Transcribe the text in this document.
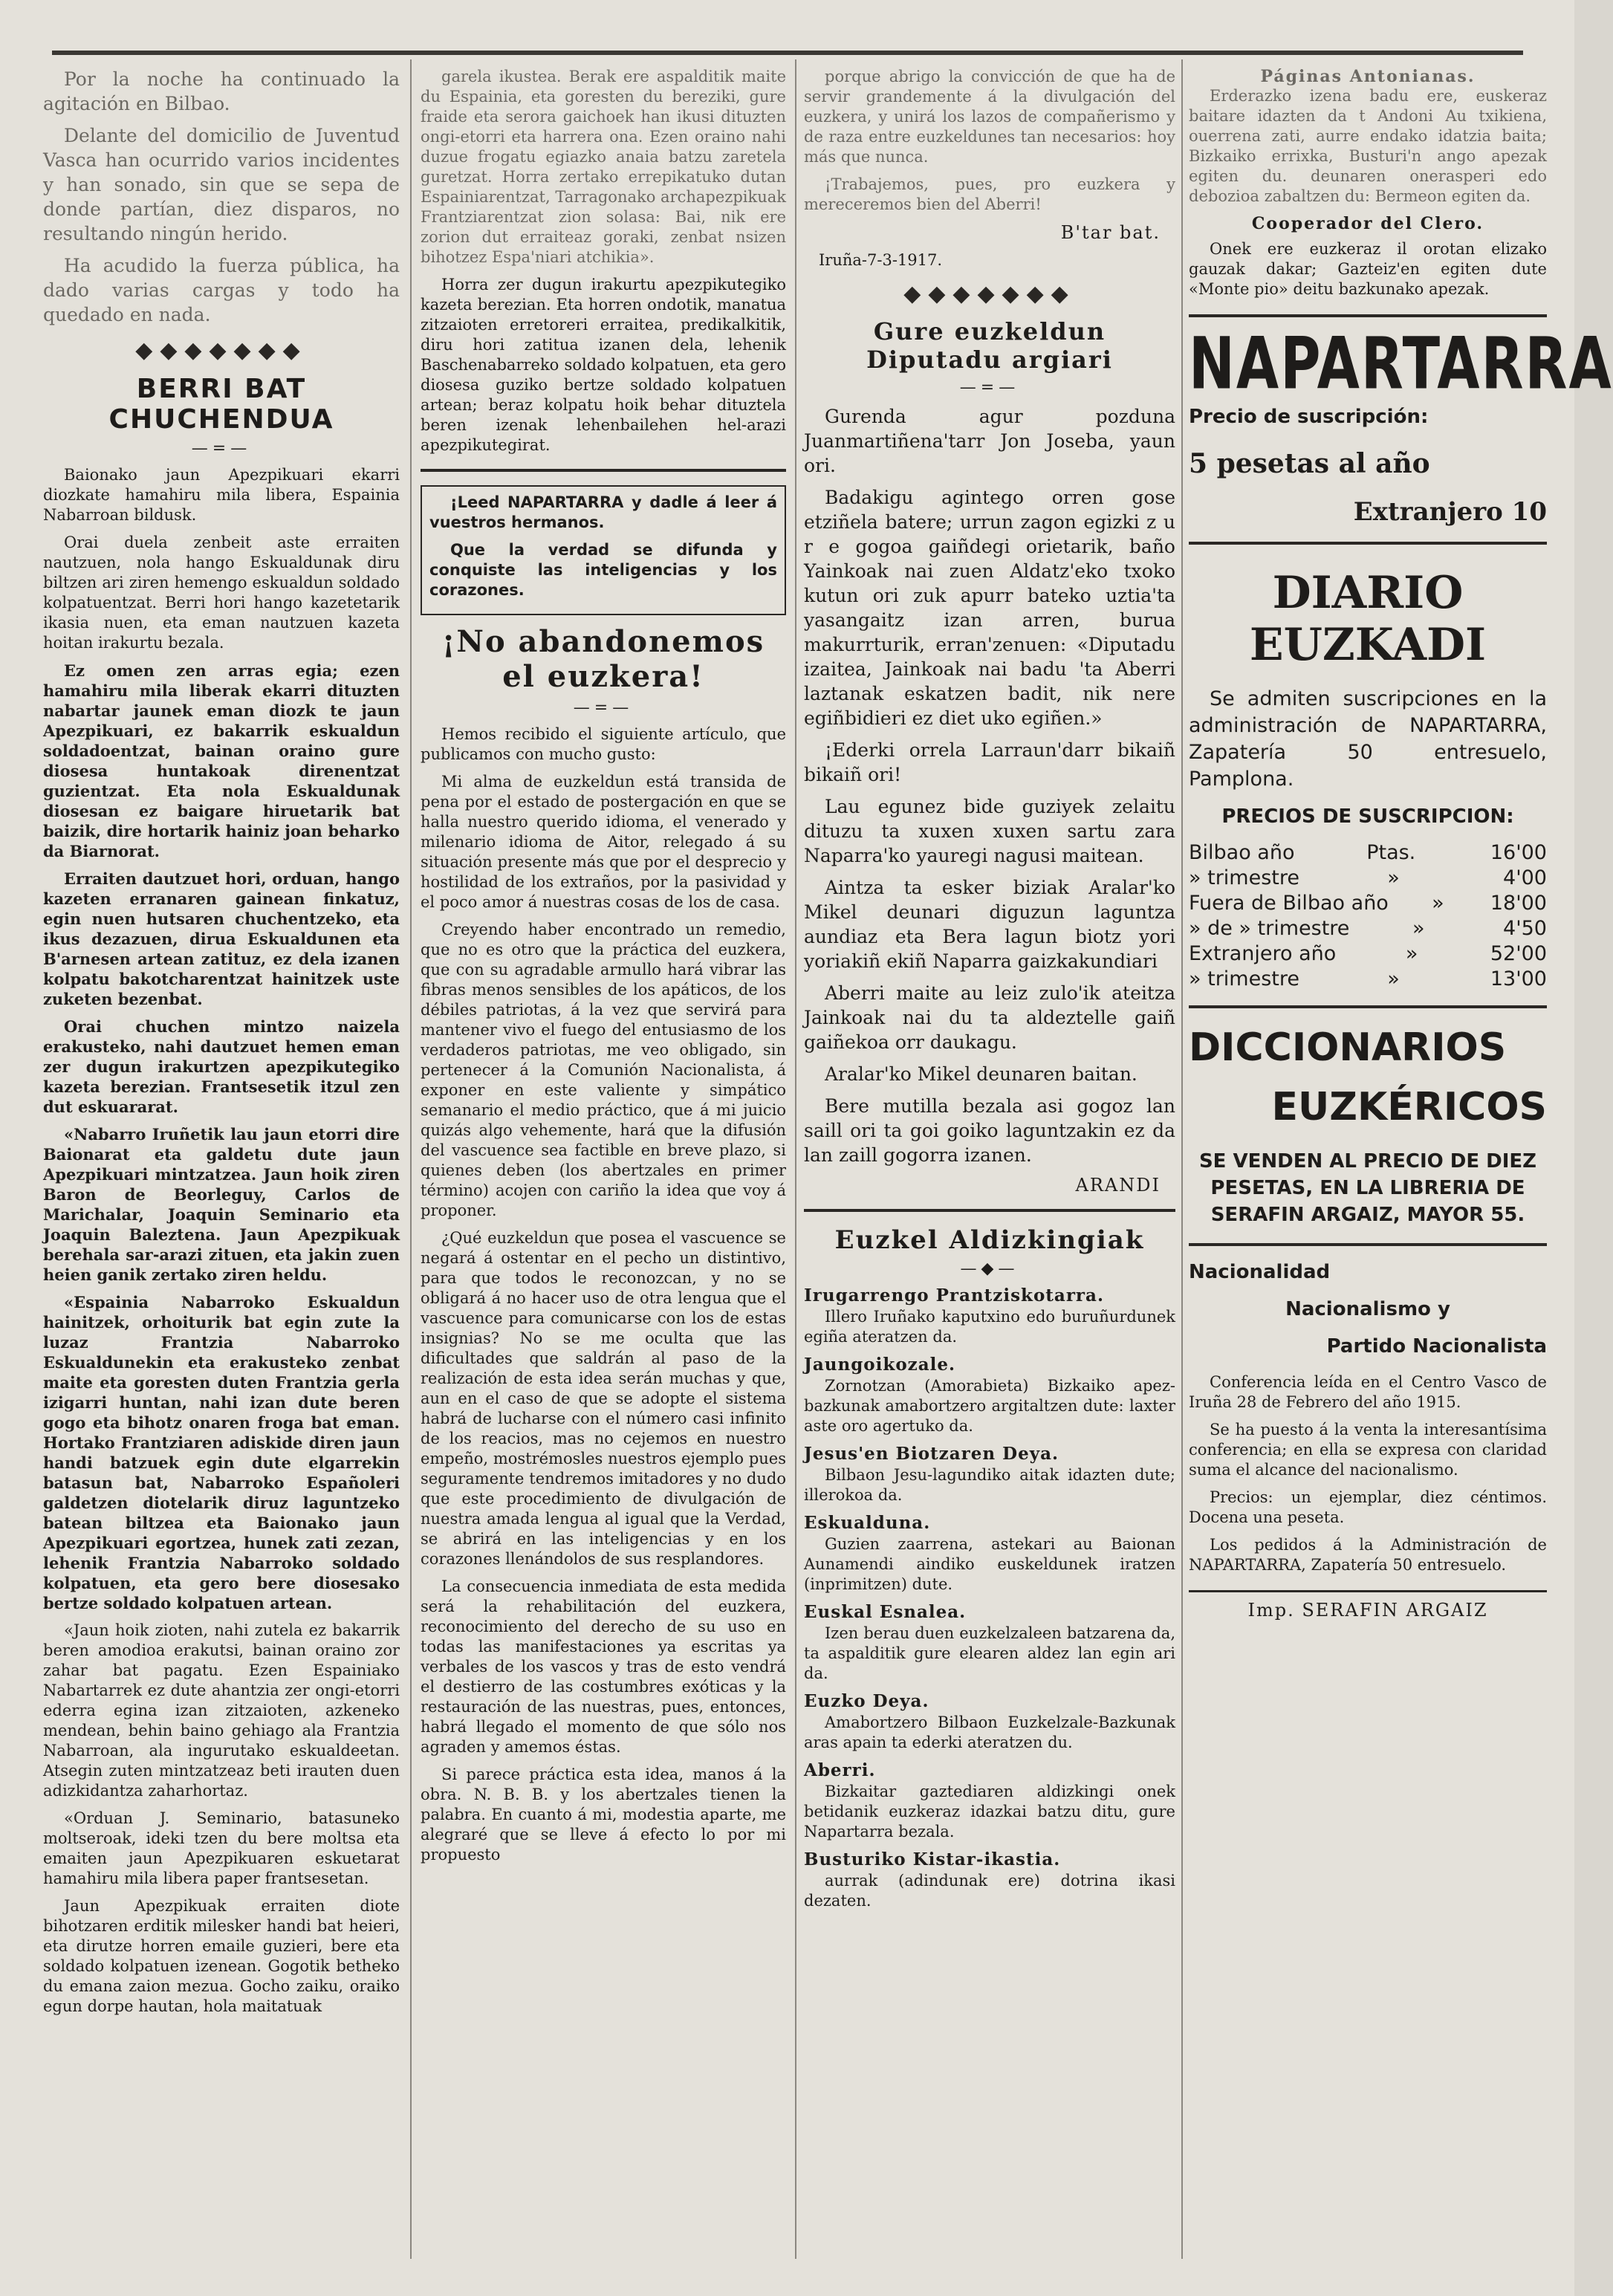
Por la noche ha continuado la agitación en Bilbao.

Delante del domicilio de Juventud Vasca han ocurrido varios incidentes y han sonado, sin que se sepa de donde partían, diez disparos, no resultando ningún herido.

Ha acudido la fuerza pública, ha dado varias cargas y todo ha quedado en nada.

◆◆◆◆◆◆◆
BERRI BAT CHUCHENDUA
—=—

Baionako jaun Apezpikuari ekarri diozkate hamahiru mila libera, Espainia Nabarroan bildusk.

Orai duela zenbeit aste erraiten nautzuen, nola hango Eskualdunak diru biltzen ari ziren hemengo eskualdun soldado kolpatuentzat. Berri hori hango kazetetarik ikasia nuen, eta eman nautzuen kazeta hoitan irakurtu bezala.

Ez omen zen arras egia; ezen hamahiru mila liberak ekarri dituzten nabartar jaunek eman diozk te jaun Apezpikuari, ez bakarrik eskualdun soldadoentzat, bainan oraino gure diosesa huntakoak direnentzat guzientzat. Eta nola Eskualdunak diosesan ez baigare hiruetarik bat baizik, dire hortarik hainiz joan beharko da Biarnorat.

Erraiten dautzuet hori, orduan, hango kazeten erranaren gainean finkatuz, egin nuen hutsaren chuchentzeko, eta ikus dezazuen, dirua Eskualdunen eta B'arnesen artean zatituz, ez dela izanen kolpatu bakotcharentzat hainitzek uste zuketen bezenbat.

Orai chuchen mintzo naizela erakusteko, nahi dautzuet hemen eman zer dugun irakurtzen apezpikutegiko kazeta berezian. Frantsesetik itzul zen dut eskuararat.

«Nabarro Iruñetik lau jaun etorri dire Baionarat eta galdetu dute jaun Apezpikuari mintzatzea. Jaun hoik ziren Baron de Beorleguy, Carlos de Marichalar, Joaquin Seminario eta Joaquin Baleztena. Jaun Apezpikuak berehala sar-arazi zituen, eta jakin zuen heien ganik zertako ziren heldu.

«Espainia Nabarroko Eskualdun hainitzek, orhoiturik bat egin zute la luzaz Frantzia Nabarroko Eskualdunekin eta erakusteko zenbat maite eta goresten duten Frantzia gerla izigarri huntan, nahi izan dute beren gogo eta bihotz onaren froga bat eman. Hortako Frantziaren adiskide diren jaun handi batzuek egin dute elgarrekin batasun bat, Nabarroko Españoleri galdetzen diotelarik diruz laguntzeko batean biltzea eta Baionako jaun Apezpikuari egortzea, hunek zati zezan, lehenik Frantzia Nabarroko soldado kolpatuen, eta gero bere diosesako bertze soldado kolpatuen artean.

«Jaun hoik zioten, nahi zutela ez bakarrik beren amodioa erakutsi, bainan oraino zor zahar bat pagatu. Ezen Espainiako Nabartarrek ez dute ahantzia zer ongi-etorri ederra egina izan zitzaioten, azkeneko mendean, behin baino gehiago ala Frantzia Nabarroan, ala ingurutako eskualdeetan. Atsegin zuten mintzatzeaz beti irauten duen adizkidantza zaharhortaz.

«Orduan J. Seminario, batasuneko moltseroak, ideki tzen du bere moltsa eta emaiten jaun Apezpikuaren eskuetarat hamahiru mila libera paper frantsesetan.

Jaun Apezpikuak erraiten diote bihotzaren erditik milesker handi bat heieri, eta dirutze horren emaile guzieri, bere eta soldado kolpatuen izenean. Gogotik betheko du emana zaion mezua. Gocho zaiku, oraiko egun dorpe hautan, hola maitatuak

garela ikustea. Berak ere aspalditik maite du Espainia, eta goresten du bereziki, gure fraide eta serora gaichoek han ikusi dituzten ongi-etorri eta harrera ona. Ezen oraino nahi duzue frogatu egiazko anaia batzu zaretela guretzat. Horra zertako errepikatuko dutan Espainiarentzat, Tarragonako archapezpikuak Frantziarentzat zion solasa: Bai, nik ere zorion dut erraiteaz goraki, zenbat nsizen bihotzez Espa'niari atchikia».

Horra zer dugun irakurtu apezpikutegiko kazeta berezian. Eta horren ondotik, manatua zitzaioten erretoreri erraitea, predikalkitik, diru hori zatitua izanen dela, lehenik Baschenabarreko soldado kolpatuen, eta gero diosesa guziko bertze soldado kolpatuen artean; beraz kolpatu hoik behar dituztela beren izenak lehenbailehen hel-arazi apezpikutegirat.

¡Leed NAPARTARRA y dadle á leer á vuestros hermanos.

Que la verdad se difunda y conquiste las inteligencias y los corazones.

¡No abandonemos el euzkera!
—=—

Hemos recibido el siguiente artículo, que publicamos con mucho gusto:

Mi alma de euzkeldun está transida de pena por el estado de postergación en que se halla nuestro querido idioma, el venerado y milenario idioma de Aitor, relegado á su situación presente más que por el desprecio y hostilidad de los extraños, por la pasividad y el poco amor á nuestras cosas de los de casa.

Creyendo haber encontrado un remedio, que no es otro que la práctica del euzkera, que con su agradable armullo hará vibrar las fibras menos sensibles de los apáticos, de los débiles patriotas, á la vez que servirá para mantener vivo el fuego del entusiasmo de los verdaderos patriotas, me veo obligado, sin pertenecer á la Comunión Nacionalista, á exponer en este valiente y simpático semanario el medio práctico, que á mi juicio quizás algo vehemente, hará que la difusión del vascuence sea factible en breve plazo, si quienes deben (los abertzales en primer término) acojen con cariño la idea que voy á proponer.

¿Qué euzkeldun que posea el vascuence se negará á ostentar en el pecho un distintivo, para que todos le reconozcan, y no se obligará á no hacer uso de otra lengua que el vascuence para comunicarse con los de estas insignias? No se me oculta que las dificultades que saldrán al paso de la realización de esta idea serán muchas y que, aun en el caso de que se adopte el sistema habrá de lucharse con el número casi infinito de los reacios, mas no cejemos en nuestro empeño, mostrémosles nuestros ejemplo pues seguramente tendremos imitadores y no dudo que este procedimiento de divulgación de nuestra amada lengua al igual que la Verdad, se abrirá en las inteligencias y en los corazones llenándolos de sus resplandores.

La consecuencia inmediata de esta medida será la rehabilitación del euzkera, reconocimiento del derecho de su uso en todas las manifestaciones ya escritas ya verbales de los vascos y tras de esto vendrá el destierro de las costumbres exóticas y la restauración de las nuestras, pues, entonces, habrá llegado el momento de que sólo nos agraden y amemos éstas.

Si parece práctica esta idea, manos á la obra. N. B. B. y los abertzales tienen la palabra. En cuanto á mi, modestia aparte, me alegraré que se lleve á efecto lo por mi propuesto

porque abrigo la convicción de que ha de servir grandemente á la divulgación del euzkera, y unirá los lazos de compañerismo y de raza entre euzkeldunes tan necesarios: hoy más que nunca.

¡Trabajemos, pues, pro euzkera y mereceremos bien del Aberri!

B'tar bat.

Iruña-7-3-1917.

◆◆◆◆◆◆◆
Gure euzkeldun Diputadu argiari
—=—

Gurenda agur pozduna Juanmartiñena'tarr Jon Joseba, yaun ori.

Badakigu agintego orren gose etziñela batere; urrun zagon egizki z u r e gogoa gaiñdegi orietarik, baño Yainkoak nai zuen Aldatz'eko txoko kutun ori zuk apurr bateko uztia'ta yasangaitz izan arren, burua makurrturik, erran'zenuen: «Diputadu izaitea, Jainkoak nai badu 'ta Aberri laztanak eskatzen badit, nik nere egiñbidieri ez diet uko egiñen.»

¡Ederki orrela Larraun'darr bikaiñ bikaiñ ori!

Lau egunez bide guziyek zelaitu dituzu ta xuxen xuxen sartu zara Naparra'ko yauregi nagusi maitean.

Aintza ta esker biziak Aralar'ko Mikel deunari diguzun laguntza aundiaz eta Bera lagun biotz yori yoriakiñ ekiñ Naparra gaizkakundiari

Aberri maite au leiz zulo'ik ateitza Jainkoak nai du ta aldeztelle gaiñ gaiñekoa orr daukagu.

Aralar'ko Mikel deunaren baitan.

Bere mutilla bezala asi gogoz lan saill ori ta goi goiko laguntzakin ez da lan zaill gogorra izanen.

ARANDI
Euzkel Aldizkingiak
—◆—
Irugarrengo Prantziskotarra.

Illero Iruñako kaputxino edo buruñurdunek egiña ateratzen da.

Jaungoikozale.

Zornotzan (Amorabieta) Bizkaiko apez-bazkunak amabortzero argitaltzen dute: laxter aste oro agertuko da.

Jesus'en Biotzaren Deya.

Bilbaon Jesu-lagundiko aitak idazten dute; illerokoa da.

Eskualduna.

Guzien zaarrena, astekari au Baionan Aunamendi aindiko euskeldunek iratzen (inprimitzen) dute.

Euskal Esnalea.

Izen berau duen euzkelzaleen batzarena da, ta aspalditik gure elearen aldez lan egin ari da.

Euzko Deya.

Amabortzero Bilbaon Euzkelzale-Bazkunak aras apain ta ederki ateratzen du.

Aberri.

Bizkaitar gaztediaren aldizkingi onek betidanik euzkeraz idazkai batzu ditu, gure Napartarra bezala.

Busturiko Kistar-ikastia.

aurrak (adindunak ere) dotrina ikasi dezaten.

Páginas Antonianas.

Erderazko izena badu ere, euskeraz baitare idazten da t Andoni Au txikiena, ouerrena zati, aurre endako idatzia baita; Bizkaiko errixka, Busturi'n ango apezak egiten du. deunaren onerasperi edo debozioa zabaltzen du: Bermeon egiten da.

Cooperador del Clero.

Onek ere euzkeraz il orotan elizako gauzak dakar; Gazteiz'en egiten dute «Monte pio» deitu bazkunako apezak.

NAPARTARRA
Precio de suscripción:
5 pesetas al año
Extranjero 10
DIARIO EUZKADI

Se admiten suscripciones en la administración de NAPARTARRA, Zapatería 50 entresuelo, Pamplona.

PRECIOS DE SUSCRIPCION:
Bilbao año	Ptas.	16'00
» trimestre	»	4'00
Fuera de Bilbao año » 18'00
» de » trimestre	»	4'50
Extranjero año	»	52'00
» trimestre	»	13'00
DICCIONARIOS
EUZKÉRICOS
SE VENDEN AL PRECIO DE DIEZ PESETAS, EN LA LIBRERIA DE SERAFIN ARGAIZ, MAYOR 55.
Nacionalidad
Nacionalismo y
Partido Nacionalista

Conferencia leída en el Centro Vasco de Iruña 28 de Febrero del año 1915.

Se ha puesto á la venta la interesantísima conferencia; en ella se expresa con claridad suma el alcance del nacionalismo.

Precios: un ejemplar, diez céntimos. Docena una peseta.

Los pedidos á la Administración de NAPARTARRA, Zapatería 50 entresuelo.

Imp. SERAFIN ARGAIZ
